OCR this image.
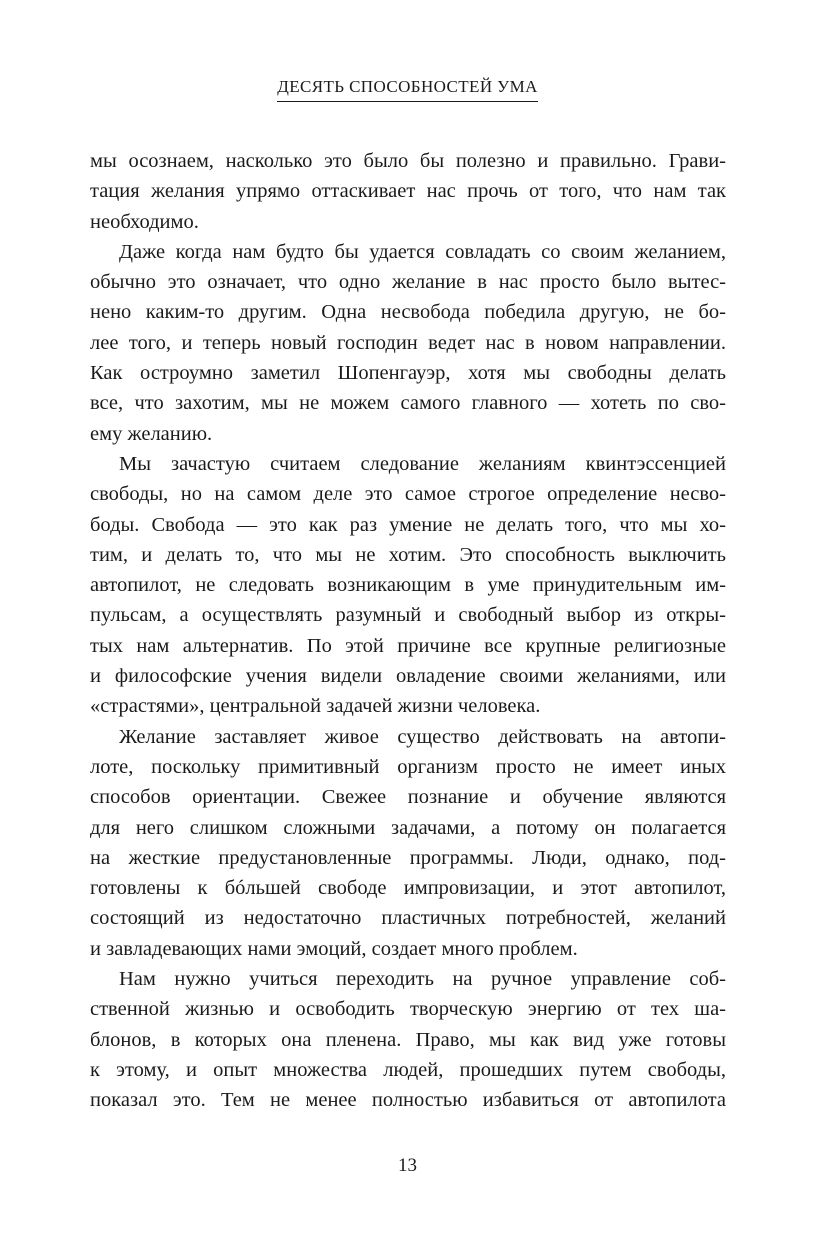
ДЕСЯТЬ СПОСОБНОСТЕЙ УМА
мы осознаем, насколько это было бы полезно и правильно. Грави-
тация желания упрямо оттаскивает нас прочь от того, что нам так
необходимо.
Даже когда нам будто бы удается совладать со своим желанием,
обычно это означает, что одно желание в нас просто было вытес-
нено каким-то другим. Одна несвобода победила другую, не бо-
лее того, и теперь новый господин ведет нас в новом направлении.
Как остроумно заметил Шопенгауэр, хотя мы свободны делать
все, что захотим, мы не можем самого главного — хотеть по сво-
ему желанию.
Мы зачастую считаем следование желаниям квинтэссенцией
свободы, но на самом деле это самое строгое определение несво-
боды. Свобода — это как раз умение не делать того, что мы хо-
тим, и делать то, что мы не хотим. Это способность выключить
автопилот, не следовать возникающим в уме принудительным им-
пульсам, а осуществлять разумный и свободный выбор из откры-
тых нам альтернатив. По этой причине все крупные религиозные
и философские учения видели овладение своими желаниями, или
«страстями», центральной задачей жизни человека.
Желание заставляет живое существо действовать на автопи-
лоте, поскольку примитивный организм просто не имеет иных
способов ориентации. Свежее познание и обучение являются
для него слишком сложными задачами, а потому он полагается
на жесткие предустановленные программы. Люди, однако, под-
готовлены к бóльшей свободе импровизации, и этот автопилот,
состоящий из недостаточно пластичных потребностей, желаний
и завладевающих нами эмоций, создает много проблем.
Нам нужно учиться переходить на ручное управление соб-
ственной жизнью и освободить творческую энергию от тех ша-
блонов, в которых она пленена. Право, мы как вид уже готовы
к этому, и опыт множества людей, прошедших путем свободы,
показал это. Тем не менее полностью избавиться от автопилота
13
